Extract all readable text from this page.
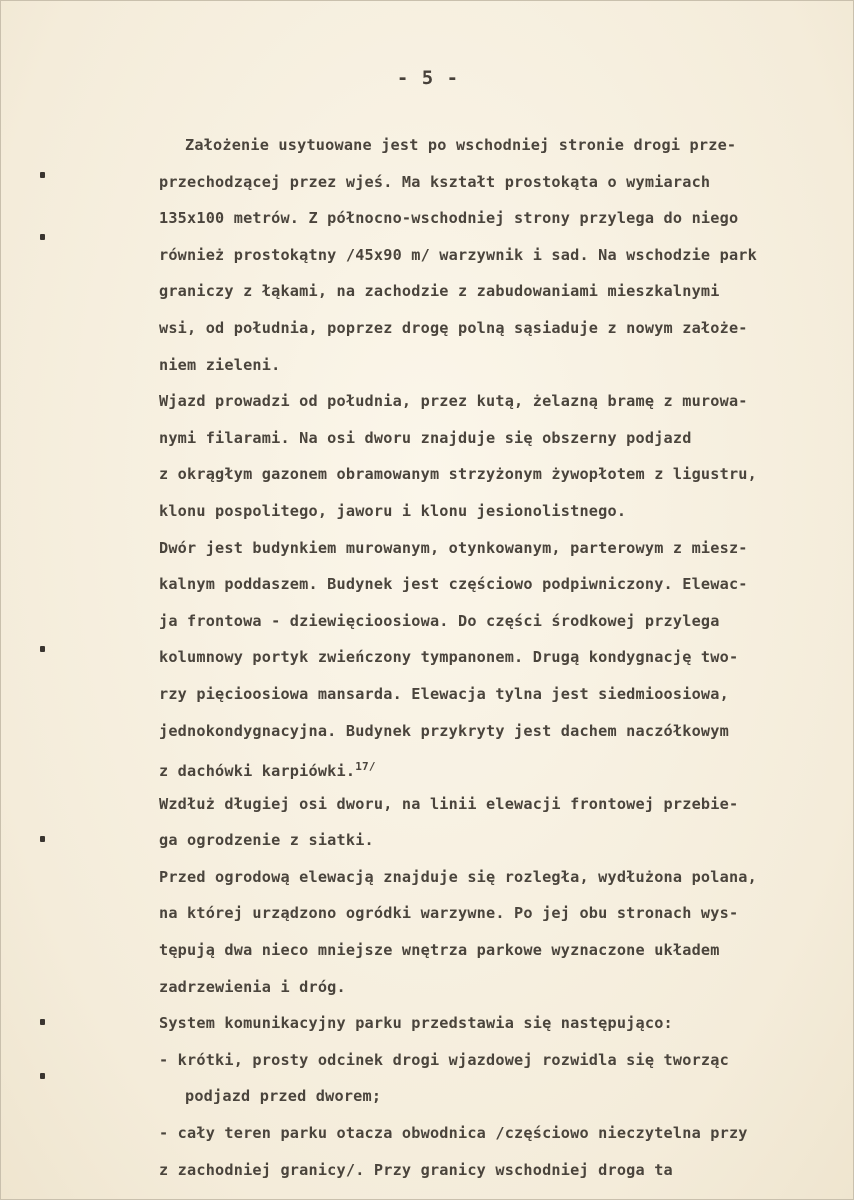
- 5 -
Założenie usytuowane jest po wschodniej stronie drogi prze-
przechodzącej przez wjeś. Ma kształt prostokąta o wymiarach
135x100 metrów. Z północno-wschodniej strony przylega do niego
również prostokątny /45x90 m/ warzywnik i sad. Na wschodzie park
graniczy z łąkami, na zachodzie z zabudowaniami mieszkalnymi
wsi, od południa, poprzez drogę polną sąsiaduje z nowym założe-
niem zieleni.
Wjazd prowadzi od południa, przez kutą, żelazną bramę z murowa-
nymi filarami. Na osi dworu znajduje się obszerny podjazd
z okrągłym gazonem obramowanym strzyżonym żywopłotem z ligustru,
klonu pospolitego, jaworu i klonu jesionolistnego.
Dwór jest budynkiem murowanym, otynkowanym, parterowym z miesz-
kalnym poddaszem. Budynek jest częściowo podpiwniczony. Elewac-
ja frontowa - dziewięcioosiowa. Do części środkowej przylega
kolumnowy portyk zwieńczony tympanonem. Drugą kondygnację two-
rzy pięcioosiowa mansarda. Elewacja tylna jest siedmioosiowa,
jednokondygnacyjna. Budynek przykryty jest dachem naczółkowym
z dachówki karpiówki.$^{17/}$
Wzdłuż długiej osi dworu, na linii elewacji frontowej przebie-
ga ogrodzenie z siatki.
Przed ogrodową elewacją znajduje się rozległa, wydłużona polana,
na której urządzono ogródki warzywne. Po jej obu stronach wys-
tępują dwa nieco mniejsze wnętrza parkowe wyznaczone układem
zadrzewienia i dróg.
System komunikacyjny parku przedstawia się następująco:
- krótki, prosty odcinek drogi wjazdowej rozwidla się tworząc
podjazd przed dworem;
- cały teren parku otacza obwodnica /częściowo nieczytelna przy
z zachodniej granicy/. Przy granicy wschodniej droga ta
